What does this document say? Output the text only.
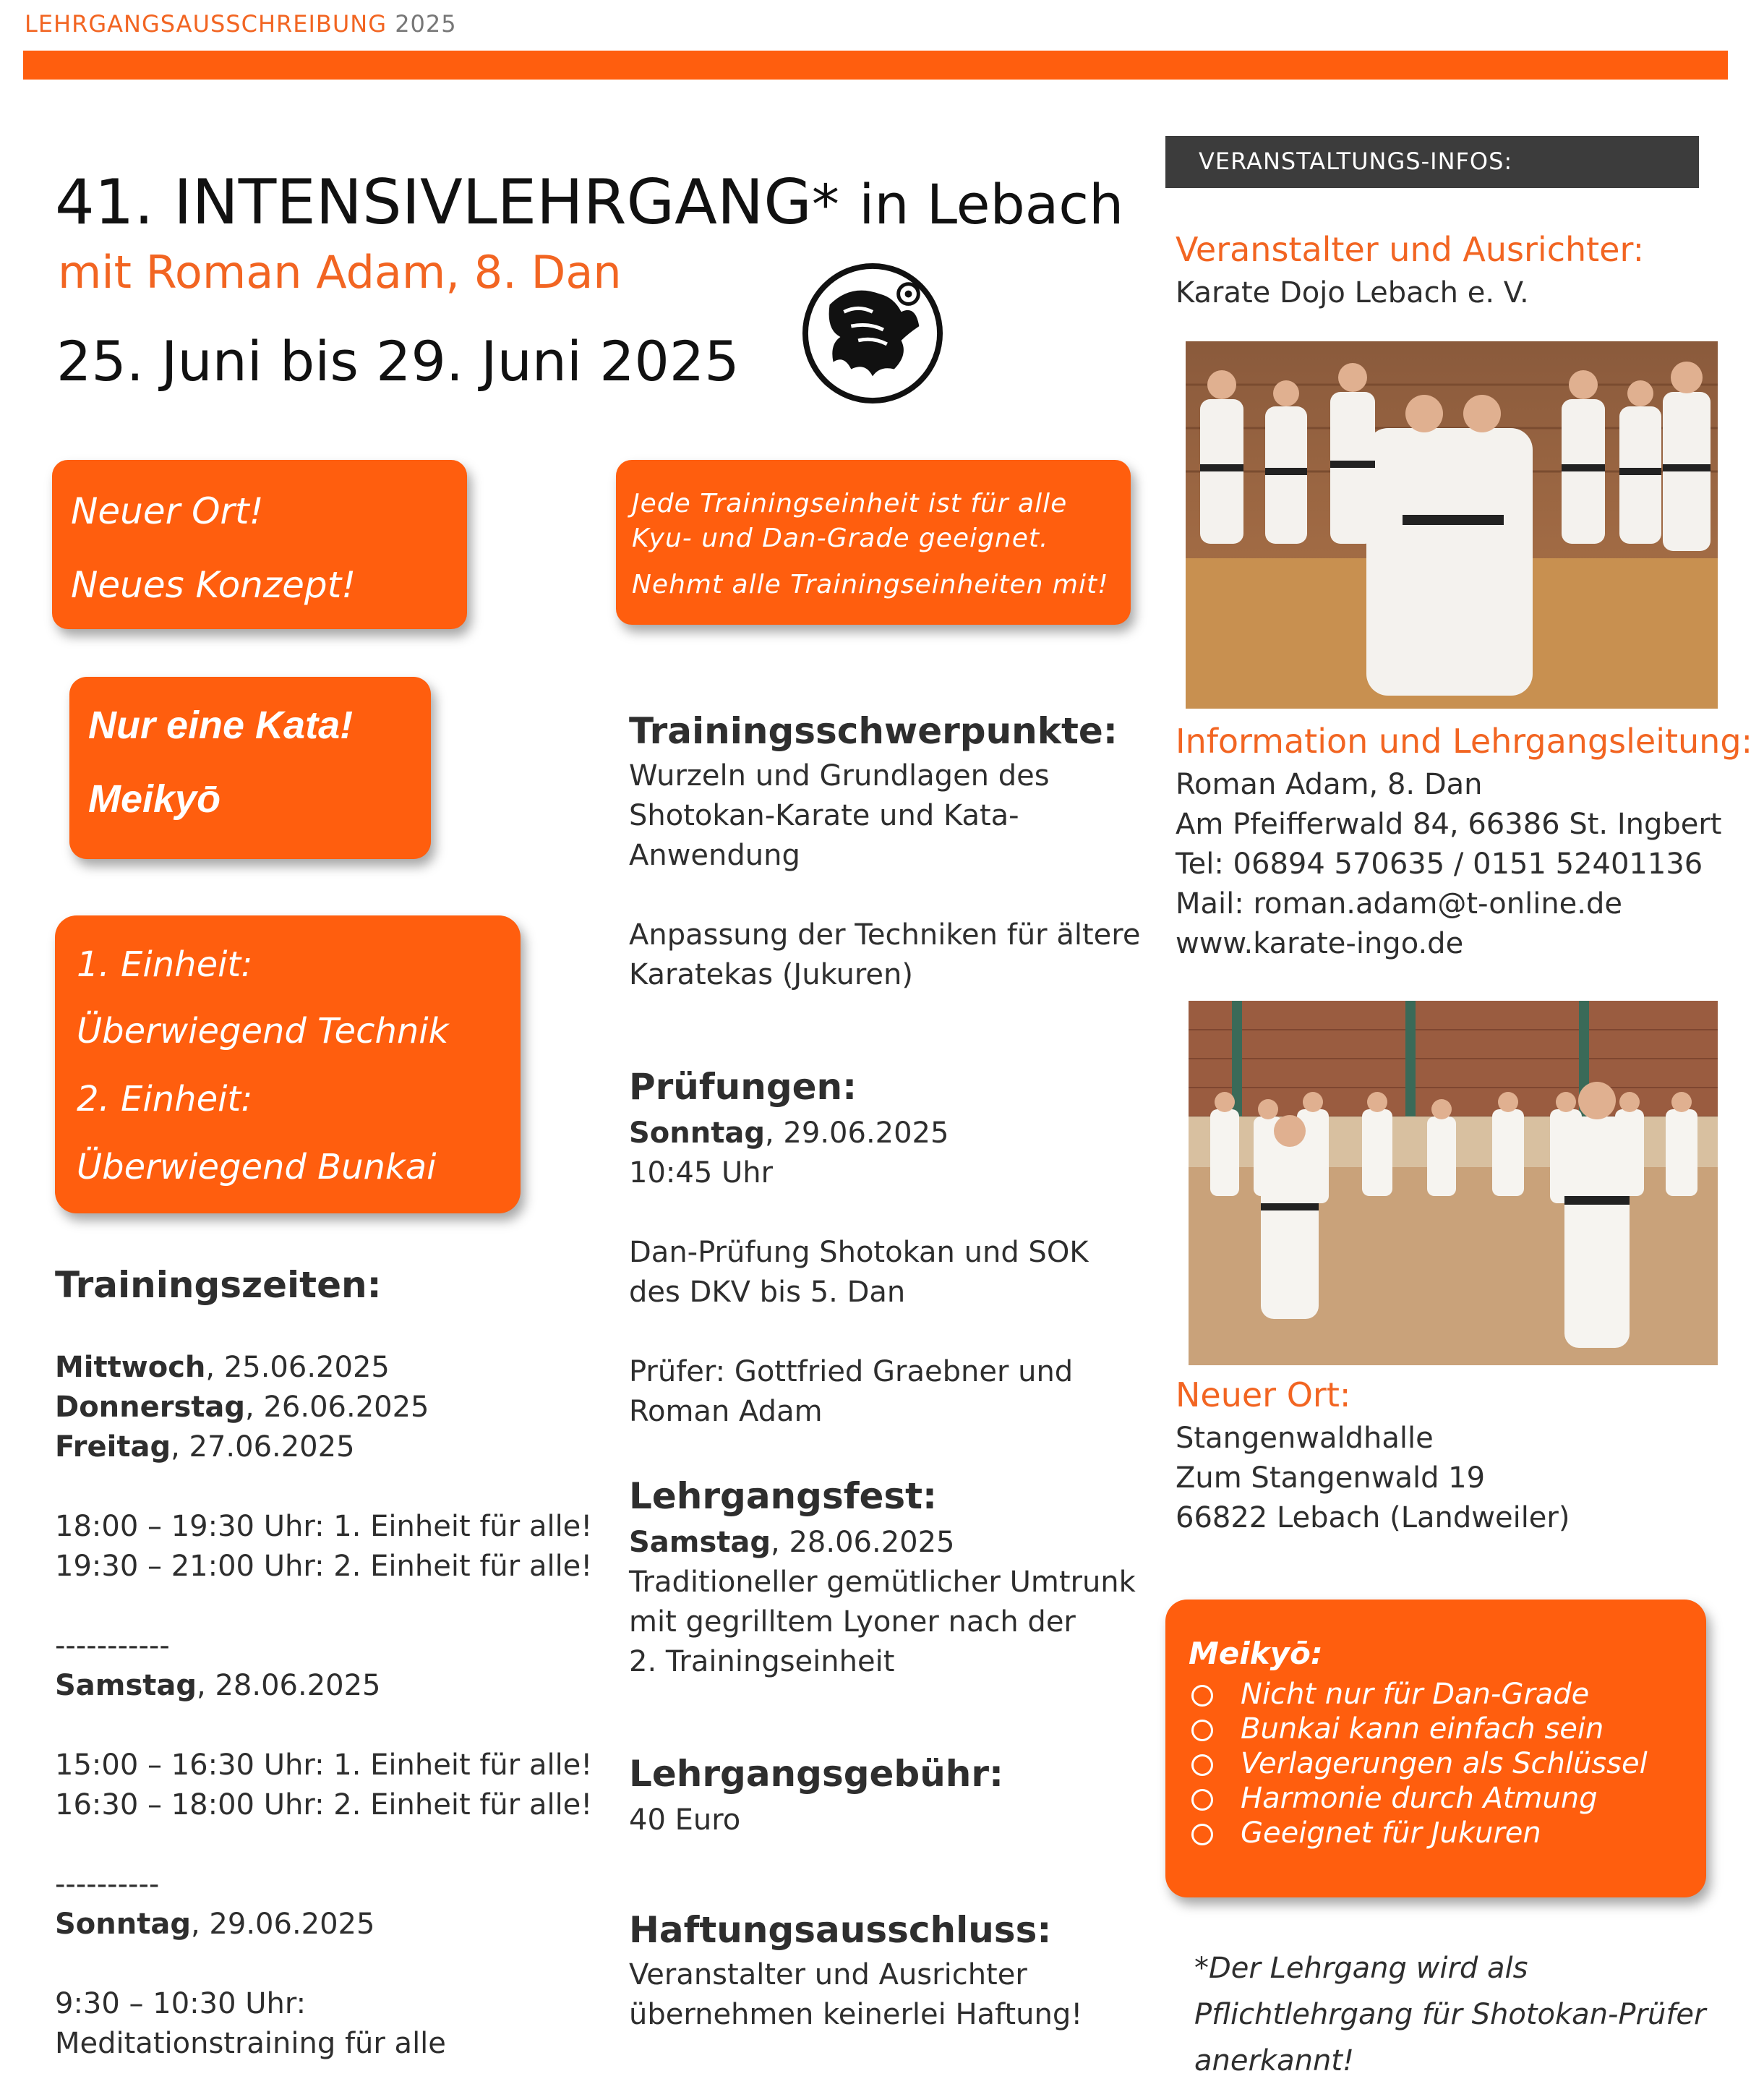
LEHRGANGSAUSSCHREIBUNG 2025
41. INTENSIVLEHRGANG* in Lebach
mit Roman Adam, 8. Dan
25. Juni bis 29. Juni 2025
Neuer Ort!
Neues Konzept!
Jede Trainingseinheit ist für alle
Kyu- und Dan-Grade geeignet.
Nehmt alle Trainingseinheiten mit!
Nur eine Kata!
Meikyō
1. Einheit:
Überwiegend Technik
2. Einheit:
Überwiegend Bunkai
Trainingszeiten:
Mittwoch, 25.06.2025
Donnerstag, 26.06.2025
Freitag, 27.06.2025
18:00 – 19:30 Uhr: 1. Einheit für alle!
19:30 – 21:00 Uhr: 2. Einheit für alle!
-----------
Samstag, 28.06.2025
15:00 – 16:30 Uhr: 1. Einheit für alle!
16:30 – 18:00 Uhr: 2. Einheit für alle!
----------
Sonntag, 29.06.2025
9:30 – 10:30 Uhr:
Meditationstraining für alle
Trainingsschwerpunkte:
Wurzeln und Grundlagen des
Shotokan-Karate und Kata-
Anwendung
Anpassung der Techniken für ältere
Karatekas (Jukuren)
Prüfungen:
Sonntag, 29.06.2025
10:45 Uhr
Dan-Prüfung Shotokan und SOK
des DKV bis 5. Dan
Prüfer: Gottfried Graebner und
Roman Adam
Lehrgangsfest:
Samstag, 28.06.2025
Traditioneller gemütlicher Umtrunk
mit gegrilltem Lyoner nach der
2. Trainingseinheit
Lehrgangsgebühr:
40 Euro
Haftungsausschluss:
Veranstalter und Ausrichter
übernehmen keinerlei Haftung!
VERANSTALTUNGS-INFOS:
Veranstalter und Ausrichter:
Karate Dojo Lebach e. V.
Information und Lehrgangsleitung:
Roman Adam, 8. Dan
Am Pfeifferwald 84, 66386 St. Ingbert
Tel: 06894 570635 / 0151 52401136
Mail: roman.adam@t-online.de
www.karate-ingo.de
Neuer Ort:
Stangenwaldhalle
Zum Stangenwald 19
66822 Lebach (Landweiler)
Meikyō:
Nicht nur für Dan-Grade
Bunkai kann einfach sein
Verlagerungen als Schlüssel
Harmonie durch Atmung
Geeignet für Jukuren
*Der Lehrgang wird als
Pflichtlehrgang für Shotokan-Prüfer
anerkannt!
